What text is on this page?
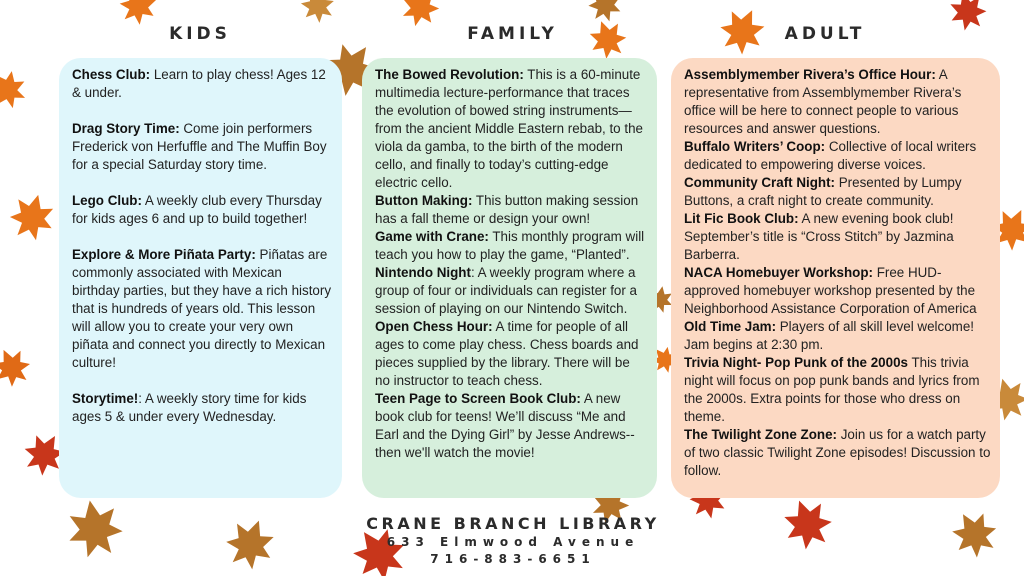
KIDS	FAMILY	ADULT

Chess Club: Learn to play chess! Ages 12 & under.

Drag Story Time: Come join performers Frederick von Herfuffle and The Muffin Boy for a special Saturday story time.

Lego Club: A weekly club every Thursday for kids ages 6 and up to build together!

Explore & More Piñata Party: Piñatas are commonly associated with Mexican birthday parties, but they have a rich history that is hundreds of years old. This lesson will allow you to create your very own piñata and connect you directly to Mexican culture!

Storytime!: A weekly story time for kids ages 5 & under every Wednesday.

The Bowed Revolution: This is a 60-minute multimedia lecture-performance that traces the evolution of bowed string instruments—from the ancient Middle Eastern rebab, to the viola da gamba, to the birth of the modern cello, and finally to today’s cutting-edge electric cello.

Button Making: This button making session has a fall theme or design your own!

Game with Crane: This monthly program will teach you how to play the game, “Planted”.

Nintendo Night: A weekly program where a group of four or individuals can register for a session of playing on our Nintendo Switch.

Open Chess Hour: A time for people of all ages to come play chess. Chess boards and pieces supplied by the library. There will be no instructor to teach chess.

Teen Page to Screen Book Club: A new book club for teens! We’ll discuss “Me and Earl and the Dying Girl” by Jesse Andrews--then we'll watch the movie!

Assemblymember Rivera’s Office Hour: A representative from Assemblymember Rivera’s office will be here to connect people to various resources and answer questions.

Buffalo Writers’ Coop: Collective of local writers dedicated to empowering diverse voices.

Community Craft Night: Presented by Lumpy Buttons, a craft night to create community.

Lit Fic Book Club: A new evening book club! September’s title is “Cross Stitch” by Jazmina Barberra.

NACA Homebuyer Workshop: Free HUD-approved homebuyer workshop presented by the Neighborhood Assistance Corporation of America

Old Time Jam: Players of all skill level welcome! Jam begins at 2:30 pm.

Trivia Night- Pop Punk of the 2000s This trivia night will focus on pop punk bands and lyrics from the 2000s. Extra points for those who dress on theme.

The Twilight Zone Zone: Join us for a watch party of two classic Twilight Zone episodes! Discussion to follow.

CRANE BRANCH LIBRARY
633 Elmwood Avenue
716-883-6651
